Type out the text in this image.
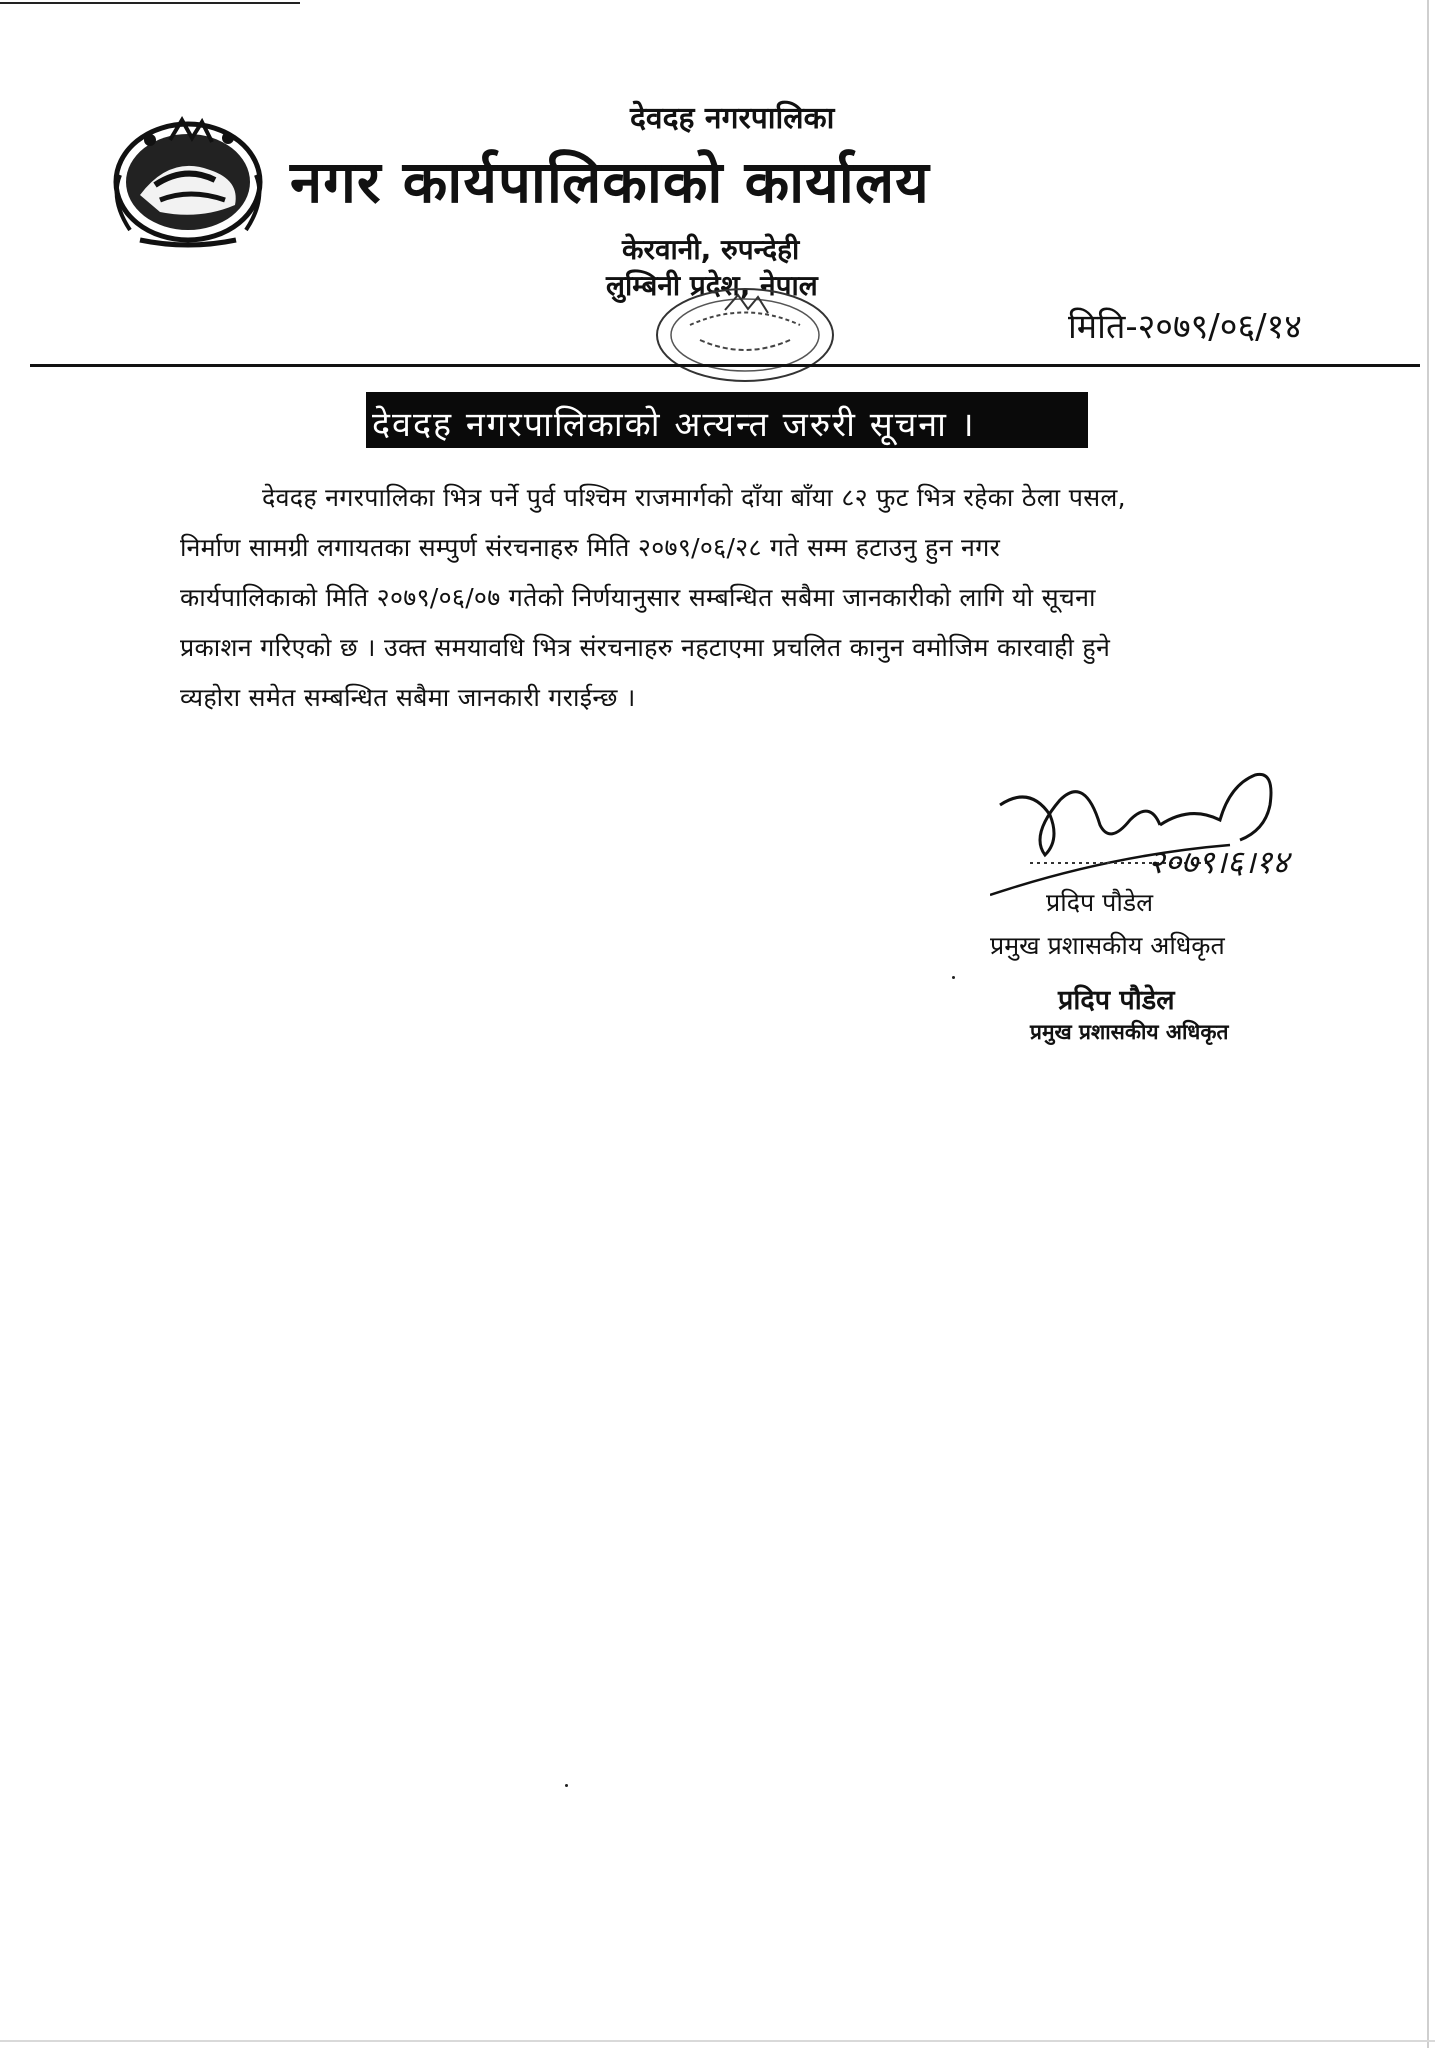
देवदह नगरपालिका
नगर कार्यपालिकाको कार्यालय
केरवानी, रुपन्देही
लुम्बिनी प्रदेश, नेपाल
मिति-२०७९/०६/१४
देवदह नगरपालिकाको अत्यन्त जरुरी सूचना ।
देवदह नगरपालिका भित्र पर्ने पुर्व पश्चिम राजमार्गको दाँया बाँया ८२ फुट भित्र रहेका ठेला पसल,
निर्माण सामग्री लगायतका सम्पुर्ण संरचनाहरु मिति २०७९/०६/२८ गते सम्म हटाउनु हुन नगर
कार्यपालिकाको मिति २०७९/०६/०७ गतेको निर्णयानुसार सम्बन्धित सबैमा जानकारीको लागि यो सूचना
प्रकाशन गरिएको छ । उक्त समयावधि भित्र संरचनाहरु नहटाएमा प्रचलित कानुन वमोजिम कारवाही हुने
व्यहोरा समेत सम्बन्धित सबैमा जानकारी गराईन्छ ।
२०७९।६।१४
प्रदिप पौडेल
प्रमुख प्रशासकीय अधिकृत
प्रदिप पौडेल
प्रमुख प्रशासकीय अधिकृत
